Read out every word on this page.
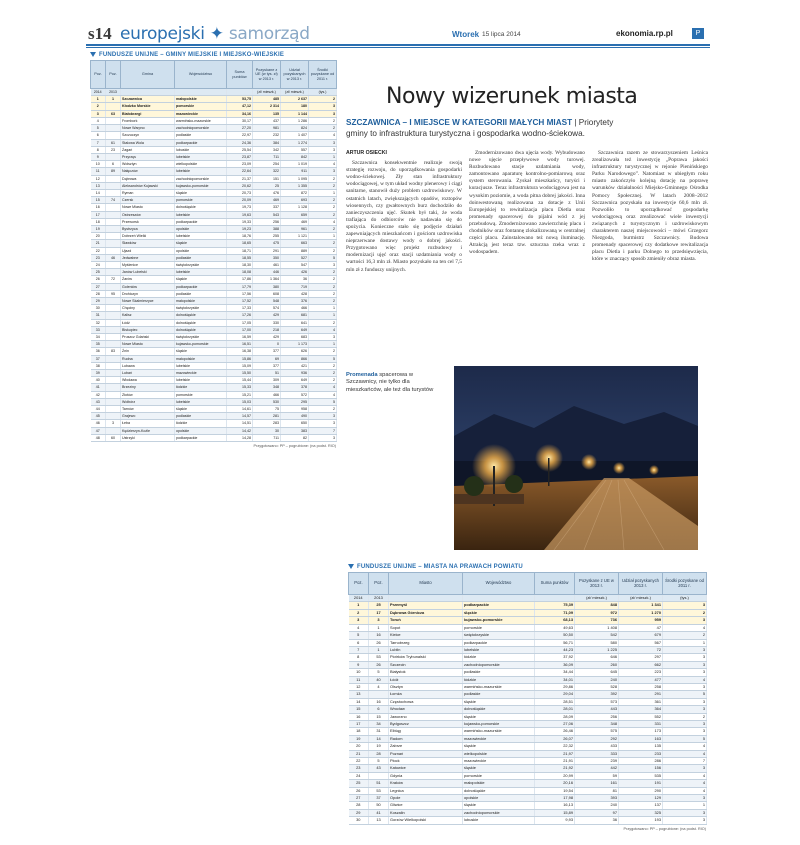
s14 europejski ✦ samorząd	Wtorek 15 lipca 2014	ekonomia.rp.pl	P
FUNDUSZE UNIJNE – GMINY MIEJSKIE I MIEJSKO-WIEJSKIE
Poz.	Poz.	Gmina	Województwo	Suma punktów	Pozyskane z UE (w tys. zł) w 2013 r.	Udział pozyskanych w 2013 r.	Środki pozyskane od 2011 r.
2014	2013				(zł/ mieszk.)	(zł/ mieszk.)	(tys.)
1	1	Szczawnica	małopolskie	53,75	485	2 637	2
2		Kłodzko Morskie	pomorskie	47,12	2 314	180	3
3	63	Białobrzegi	mazowieckie	34,16	135	1 144	3
4		Frombork	warmińsko-mazurskie	30,17	437	1 286	2
5		Nowe Warpno	zachodniopomorskie	27,20	981	824	2
6		Szczuczyn	podlaskie	22,97	232	1 407	4
7	61	Stalowa Wola	podkarpackie	24,36	384	1 274	3
8	23	Żagań	lubuskie	25,54	342	557	3
9		Przyrzęs	lubelskie	23,87	711	842	1
10	6	Wolsztyn	wielkopolskie	23,09	254	1 019	4
11	89	Nałęczów	lubelskie	22,64	322	911	3
12		Dąbrowa	zachodniopomorskie	21,37	151	1 095	2
13		Aleksandrów Kujawski	kujawsko-pomorskie	20,62	25	1 355	2
14		Ryman	śląskie	20,73	476	872	1
15	74	Czersk	pomorskie	20,09	469	693	2
16		Nowe Miasto	dolnośląskie	19,73	337	1 128	2
17		Ostrzeszów	lubelskie	19,63	543	659	2
18		Przeworsk	podkarpackie	19,33	256	469	4
19		Bystrzyca	opolskie	19,23	388	961	2
20		Dobrzeń Wielki	lubelskie	18,76	255	1 121	1
21		Sławków	śląskie	18,65	475	663	2
22		Ujazd	opolskie	18,71	291	889	2
23	46	Jedwabne	podlaskie	18,55	350	527	5
24		Myślenice	świętokrzyskie	18,30	461	547	3
25		Janów Lubelski	lubelskie	18,08	446	426	2
26	72	Żarów	śląskie	17,86	1 364	36	2
27		Goleniów	podkarpackie	17,79	380	719	2
28	95	Drohiczyn	podlaskie	17,56	608	428	2
29		Nowe Skalmierzyce	małopolskie	17,52	548	376	2
30		Chęciny	świętokrzyskie	17,33	574	466	1
31		Kalisz	dolnośląskie	17,26	429	681	1
32		Łódź	dolnośląskie	17,05	330	641	2
33		Biskupiec	dolnośląskie	17,00	218	649	4
34		Pruszcz Gdański	świętokrzyskie	16,59	429	683	3
35		Nowe Miasto	kujawsko-pomorskie	16,51	0	1 173	1
36	83	Żnin	śląskie	16,38	377	626	2
37		Rudna	małopolskie	15,86	69	866	5
38		Lubawa	lubelskie	15,09	377	421	2
39		Lubań	mazowieckie	15,50	51	936	2
40		Włodawa	lubelskie	15,44	309	649	2
41		Brzeziny	łódzkie	15,33	348	378	4
42		Złotów	pomorskie	15,21	466	572	4
43		Wolbórz	lubelskie	15,03	530	295	5
44		Tarnów	śląskie	14,61	75	958	2
45		Grajewo	podlaskie	14,57	281	490	3
46	3	Łeba	łódzkie	14,51	283	650	3
47		Kędzierzyn-Koźle	opolskie	14,42	30	383	7
48	60	Ustrzyki	podkarpackie	14,28	711	82	3
Przygotowano: PP – pogrubione: (na podst. RIO)
Nowy wizerunek miasta
SZCZAWNICA – I MIEJSCE W KATEGORII MAŁYCH MIAST | Priorytety
gminy to infrastruktura turystyczna i gospodarka wodno-ściekowa.
ARTUR OSIECKI

Szczawnica konsekwentnie realizuje swoją strategię rozwoju, do uporządkowania gospodarki wodno-ściekowej. Zły stan infrastruktury wodociągowej, w tym układ wodny plenerowy i ciągi sanitarne, stanowił duży problem uzdrowiskowy. W ostatnich latach, zwiększających opadów, roztopów wiosennych, czy gwałtownych burz dochodziło do zanieczyszczenia ujęć. Skutek był taki, że woda trafiająca do odbiorców nie nadawała się do spożycia. Konieczne stało się podjęcie działań zapewniających mieszkańcom i gościom uzdrowiska nieprzerwane dostawy wody o dobrej jakości. Przygotowano więc projekt rozbudowy i modernizacji ujęć oraz stacji uzdatniania wody o wartości 16,3 mln zł. Miasto pozyskało na ten cel 7,5 mln zł z funduszy unijnych.

Zmodernizowano dwa ujęcia wody. Wybudowano nowe ujęcie przepływowe wody turowej. Rozbudowano stacje uzdatniania wody, zamontowano aparaturę kontrolno-pomiarową oraz system sterowania. Zyskał mieszkańcy, turyści i kuracjusze. Teraz infrastruktura wodociągowa jest na wysokim poziomie, a woda pitna dobrej jakości. Inna doinwestowaną realizowana za dotacje z Unii Europejskiej to rewitalizacja placu Dietla oraz promenady spacerowej do pijalni wód z jej przebudową. Zmodernizowano zawierzchnię placu i chodników oraz fontannę zlokalizowaną w centralnej części placu. Zainstalowano też nową iluminację. Atrakcją jest teraz tzw. sztuczna rzeka wraz z wodospadem.

Szczawnica razem ze stowarzyszeniem Leśnica zrealizowała też inwestycję „Poprawa jakości infrastruktury turystycznej w rejonie Pienińskiego Parku Narodowego”. Natomiast w ubiegłym roku miasto zakończyło kolejną dotację na poprawę warunków działalności Miejsko-Gminnego Ośrodka Pomocy Społecznej. W latach 2008–2012 Szczawnica pozyskała na inwestycje 60,6 mln zł. Pozwoliło to uporządkować gospodarkę wodociągową oraz zrealizować wiele inwestycji związanych z turystycznym i uzdrowiskowym charakterem naszej miejscowości – mówi Grzegorz Niezgoda, burmistrz Szczawnicy. Budowa promenady spacerowej czy dodatkowe rewitalizacja placu Dietla i parku Dolnego to przedsięwzięcia, które w znaczący sposób zmieniły obraz miasta.

Promenada spacerowa w Szczawnicy, nie tylko dla mieszkańców, ale też dla turystów
FUNDUSZE UNIJNE – MIASTA NA PRAWACH POWIATU
Poz.	Poz.	Miasto	Województwo	Suma punktów	Pozyskane z UE w 2013 r.	Udział pozyskanych 2013 r.	Środki pozyskane od 2011 r.
2014	2013				(zł/ mieszk.)	(zł/ mieszk.)	(tys.)
1	25	Przemyśl	podkarpackie	75,39	848	1 341	3
2	17	Dąbrowa Górnicza	śląskie	71,09	972	1 270	2
3	3	Toruń	kujawsko-pomorskie	68,13	736	959	3
4	1	Sopot	pomorskie	49,63	1 408	47	4
5	16	Kielce	świętokrzyskie	50,50	542	679	2
6	26	Tarnobrzeg	podkarpackie	56,71	580	567	1
7	1	Lublin	lubelskie	44,23	1 225	72	3
8	53	Piotrków Trybunalski	łódzkie	37,92	646	297	3
9	26	Szczecin	zachodniopomorskie	36,09	260	662	3
10	5	Białystok	podlaskie	34,44	645	223	3
11	40	Łódź	łódzkie	34,01	240	477	4
12	4	Olsztyn	warmińsko-mazurskie	29,86	528	258	3
13		Łomża	podlaskie	29,04	392	291	5
14	16	Częstochowa	śląskie	28,51	573	361	3
15	6	Wrocław	dolnośląskie	28,01	443	364	3
16	15	Jaworzno	śląskie	28,09	256	552	2
17	34	Bydgoszcz	kujawsko-pomorskie	27,06	348	331	3
18	31	Elbląg	warmińsko-mazurskie	26,46	575	173	3
19	14	Radom	mazowieckie	26,07	292	163	5
20	19	Zabrze	śląskie	22,32	433	135	4
21	28	Poznań	wielkopolskie	21,97	333	233	4
22	5	Płock	mazowieckie	21,91	239	286	7
23	43	Katowice	śląskie	21,92	442	156	3
24		Gdynia	pomorskie	20,99	59	535	4
25	51	Kraków	małopolskie	20,16	161	191	4
26	53	Legnica	dolnośląskie	19,54	81	290	4
27	37	Opole	opolskie	17,98	393	129	3
28	50	Gliwice	śląskie	16,13	240	137	1
29	41	Koszalin	zachodniopomorskie	15,89	97	325	3
30	13	Gorzów Wielkopolski	lubuskie	9,93	36	193	3
Przygotowano: PP – pogrubione: (na podst. RIO)
